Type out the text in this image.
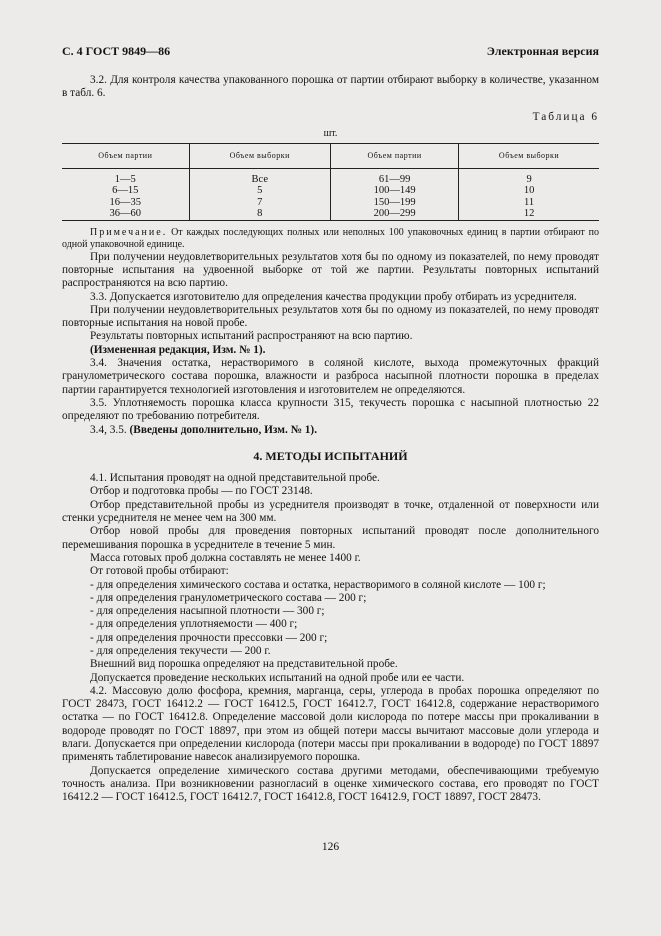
С. 4 ГОСТ 9849—86	Электронная версия

3.2. Для контроля качества упакованного порошка от партии отбирают выборку в количестве, указанном в табл. 6.

Таблица 6
шт.
Объем партии	Объем выборки	Объем партии	Объем выборки
1—5	Все	61—99	9
6—15	5	100—149	10
16—35	7	150—199	11
36—60	8	200—299	12

Примечание. От каждых последующих полных или неполных 100 упаковочных единиц в партии отбирают по одной упаковочной единице.

При получении неудовлетворительных результатов хотя бы по одному из показателей, по нему проводят повторные испытания на удвоенной выборке от той же партии. Результаты повторных испытаний распространяются на всю партию.

3.3. Допускается изготовителю для определения качества продукции пробу отбирать из усреднителя.

При получении неудовлетворительных результатов хотя бы по одному из показателей, по нему проводят повторные испытания на новой пробе.

Результаты повторных испытаний распространяют на всю партию.

(Измененная редакция, Изм. № 1).

3.4. Значения остатка, нерастворимого в соляной кислоте, выхода промежуточных фракций гранулометрического состава порошка, влажности и разброса насыпной плотности порошка в пределах партии гарантируется технологией изготовления и изготовителем не определяются.

3.5. Уплотняемость порошка класса крупности 315, текучесть порошка с насыпной плотностью 22 определяют по требованию потребителя.

3.4, 3.5. (Введены дополнительно, Изм. № 1).

4. МЕТОДЫ ИСПЫТАНИЙ

4.1. Испытания проводят на одной представительной пробе.

Отбор и подготовка пробы — по ГОСТ 23148.

Отбор представительной пробы из усреднителя производят в точке, отдаленной от поверхности или стенки усреднителя не менее чем на 300 мм.

Отбор новой пробы для проведения повторных испытаний проводят после дополнительного перемешивания порошка в усреднителе в течение 5 мин.

Масса готовых проб должна составлять не менее 1400 г.

От готовой пробы отбирают:

- для определения химического состава и остатка, нерастворимого в соляной кислоте — 100 г;

- для определения гранулометрического состава — 200 г;

- для определения насыпной плотности — 300 г;

- для определения уплотняемости — 400 г;

- для определения прочности прессовки — 200 г;

- для определения текучести — 200 г.

Внешний вид порошка определяют на представительной пробе.

Допускается проведение нескольких испытаний на одной пробе или ее части.

4.2. Массовую долю фосфора, кремния, марганца, серы, углерода в пробах порошка определяют по ГОСТ 28473, ГОСТ 16412.2 — ГОСТ 16412.5, ГОСТ 16412.7, ГОСТ 16412.8, содержание нерастворимого остатка — по ГОСТ 16412.8. Определение массовой доли кислорода по потере массы при прокаливании в водороде проводят по ГОСТ 18897, при этом из общей потери массы вычитают массовые доли углерода и влаги. Допускается при определении кислорода (потери массы при прокаливании в водороде) по ГОСТ 18897 применять таблетирование навесок анализируемого порошка.

Допускается определение химического состава другими методами, обеспечивающими требуемую точность анализа. При возникновении разногласий в оценке химического состава, его проводят по ГОСТ 16412.2 — ГОСТ 16412.5, ГОСТ 16412.7, ГОСТ 16412.8, ГОСТ 16412.9, ГОСТ 18897, ГОСТ 28473.

126
